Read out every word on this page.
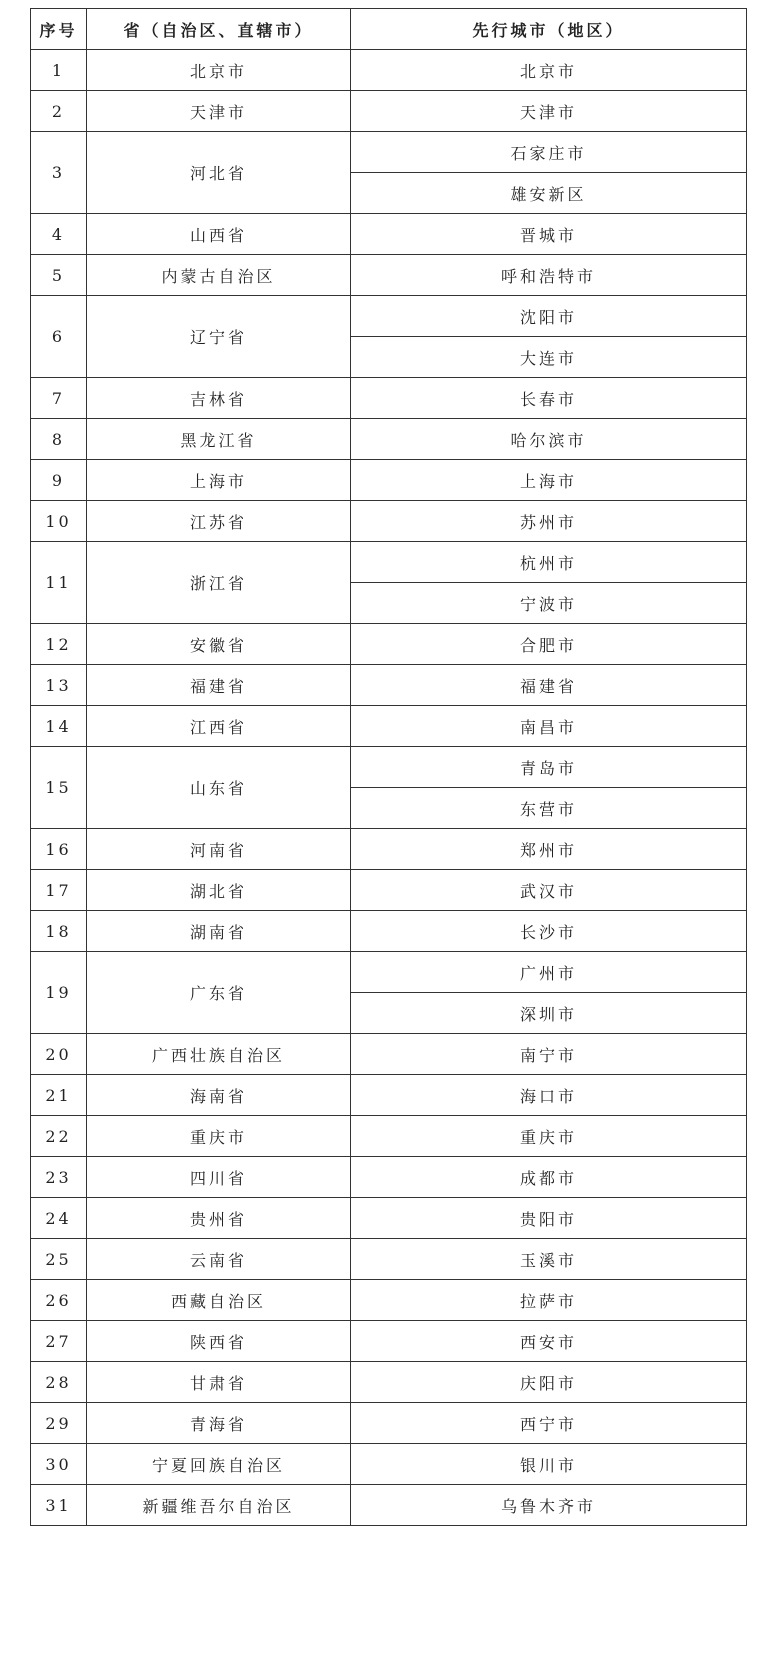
序号	省（自治区、直辖市）	先行城市（地区）
1	北京市	北京市
2	天津市	天津市
3	河北省	石家庄市
		雄安新区
4	山西省	晋城市
5	内蒙古自治区	呼和浩特市
6	辽宁省	沈阳市
		大连市
7	吉林省	长春市
8	黑龙江省	哈尔滨市
9	上海市	上海市
10	江苏省	苏州市
11	浙江省	杭州市
		宁波市
12	安徽省	合肥市
13	福建省	福建省
14	江西省	南昌市
15	山东省	青岛市
		东营市
16	河南省	郑州市
17	湖北省	武汉市
18	湖南省	长沙市
19	广东省	广州市
		深圳市
20	广西壮族自治区	南宁市
21	海南省	海口市
22	重庆市	重庆市
23	四川省	成都市
24	贵州省	贵阳市
25	云南省	玉溪市
26	西藏自治区	拉萨市
27	陕西省	西安市
28	甘肃省	庆阳市
29	青海省	西宁市
30	宁夏回族自治区	银川市
31	新疆维吾尔自治区	乌鲁木齐市
